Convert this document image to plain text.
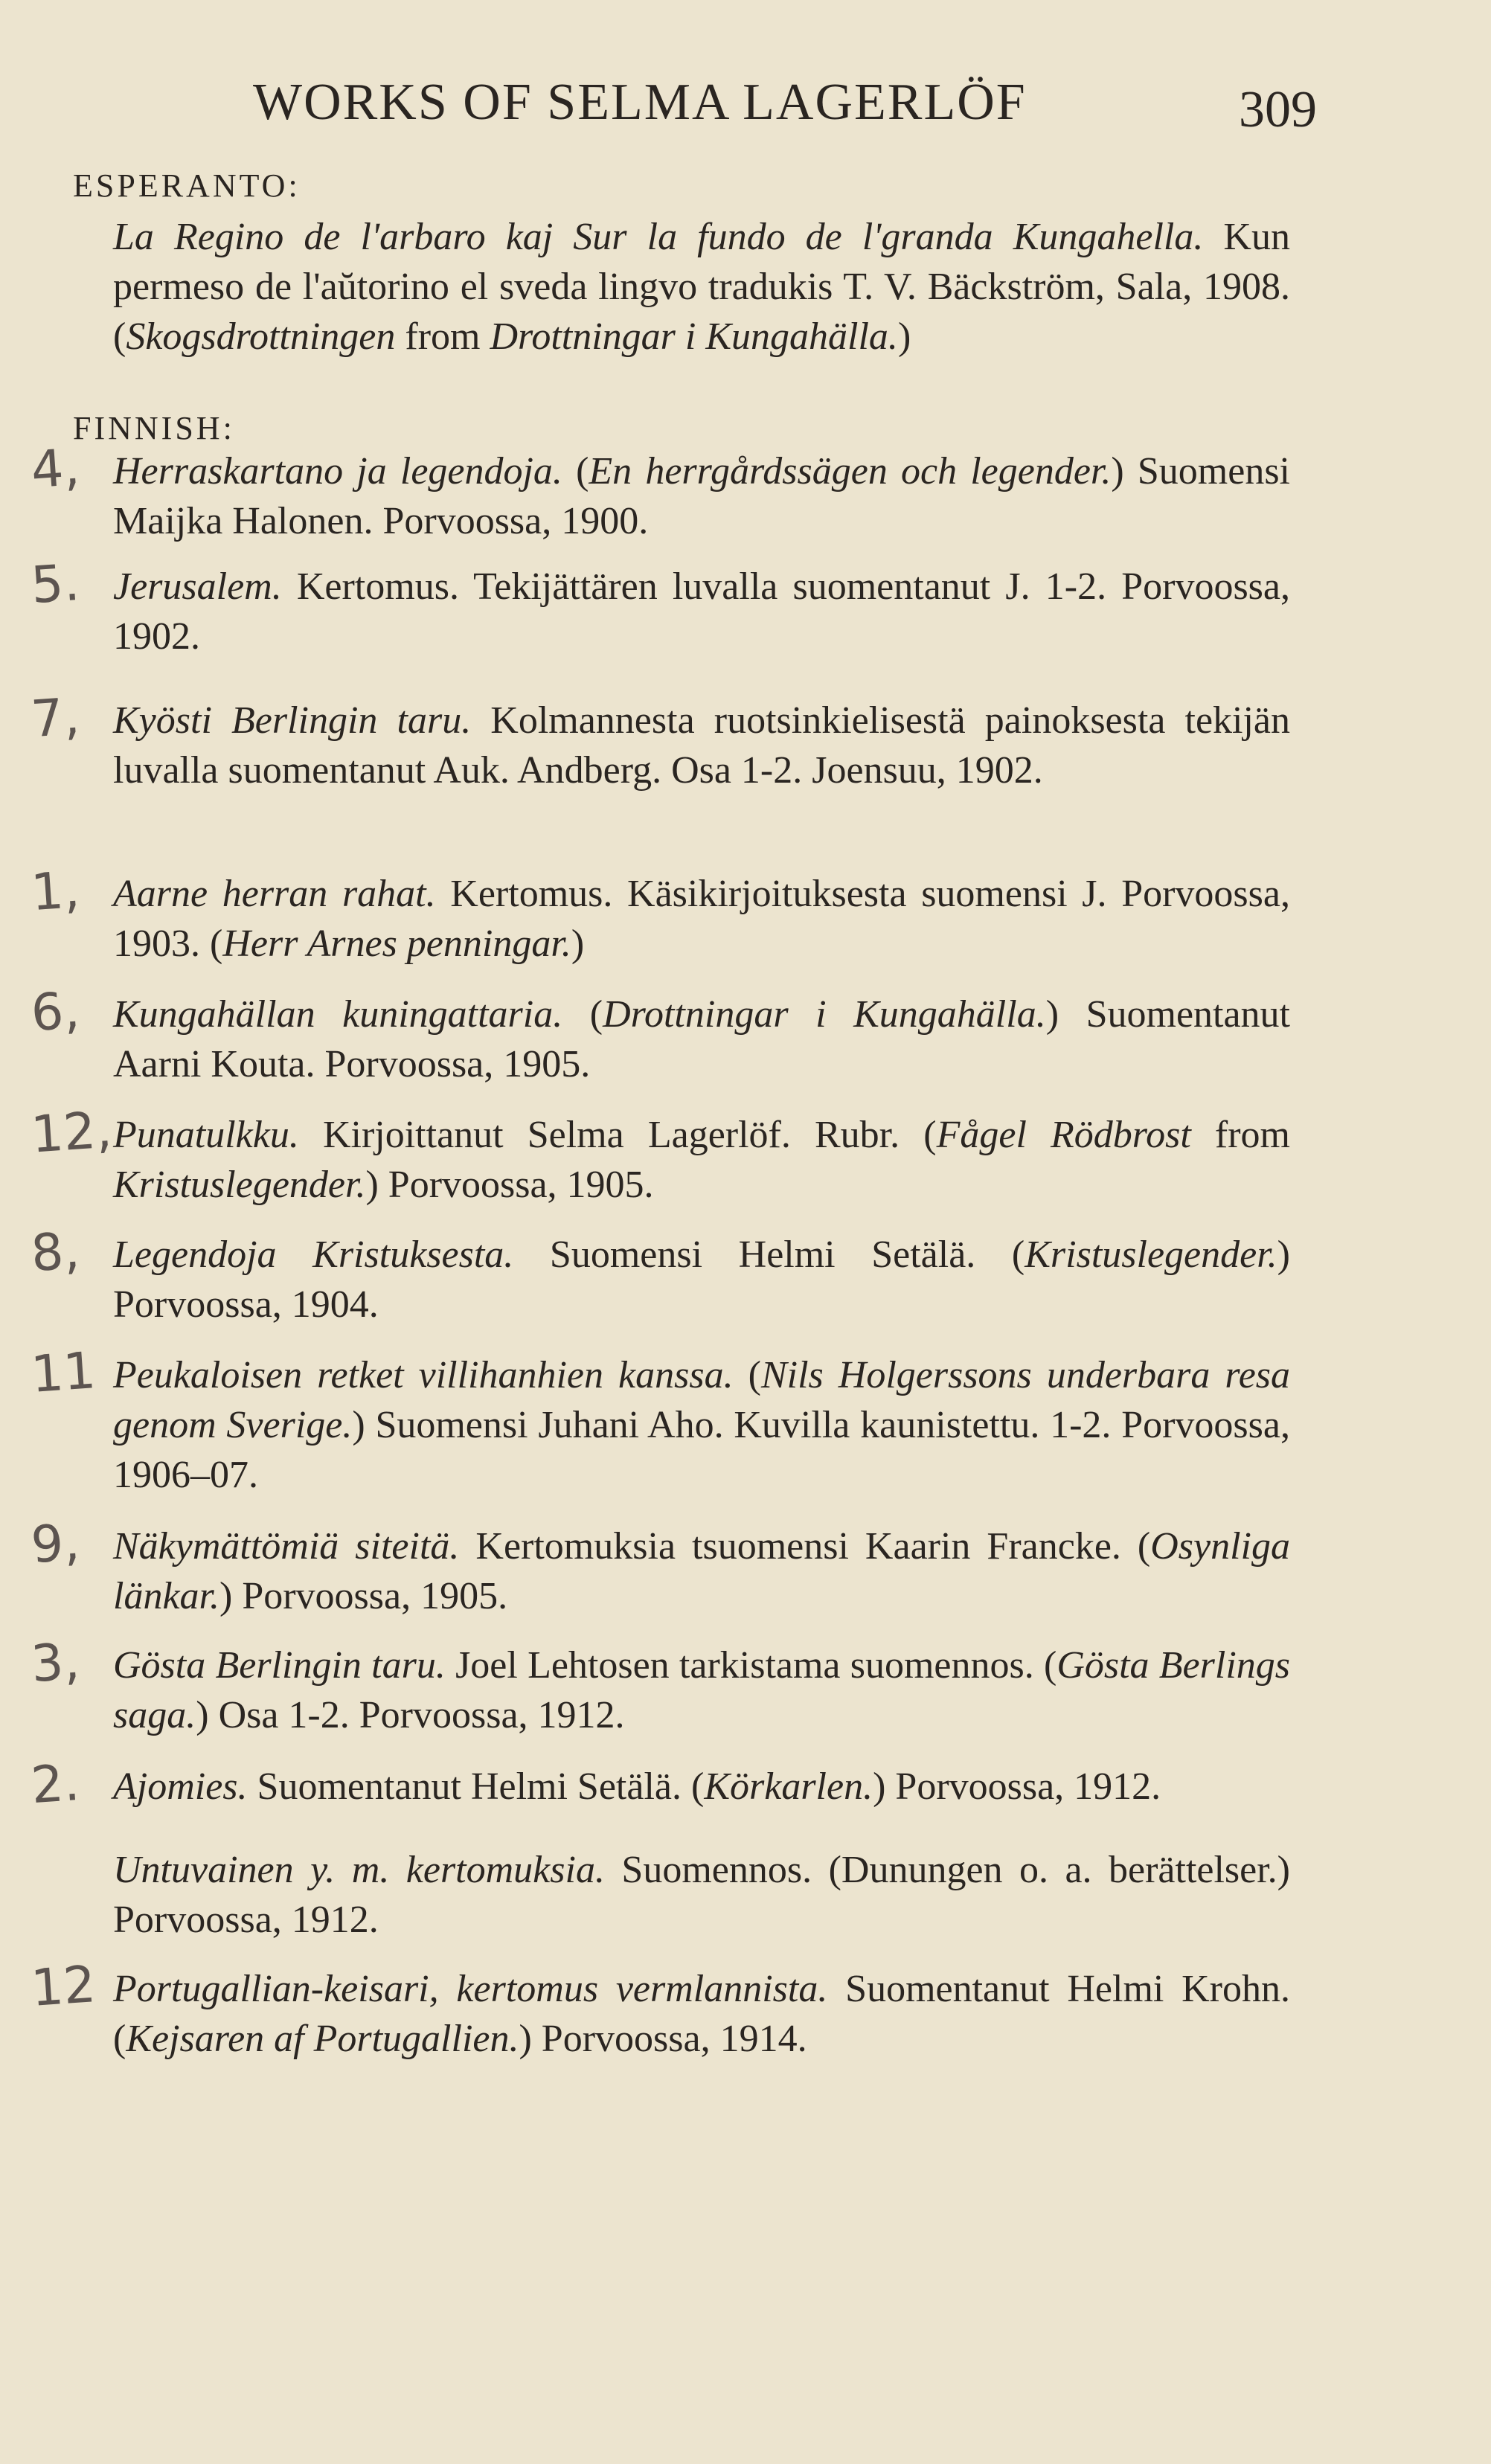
WORKS OF SELMA LAGERLÖF	309
ESPERANTO:
La Regino de l'arbaro kaj Sur la fundo de l'granda Kungahella. Kun permeso de l'aŭtorino el sveda lingvo tradukis T. V. Bäckström, Sala, 1908. (Skogsdrottningen from Drottningar i Kungahälla.)
FINNISH:
Herraskartano ja legendoja. (En herrgårdssägen och legender.) Suomensi Maijka Halonen. Porvoossa, 1900.
4,
Jerusalem. Kertomus. Tekijättären luvalla suomentanut J. 1-2. Porvoossa, 1902.
5.
Kyösti Berlingin taru. Kolmannesta ruotsinkielisestä painoksesta tekijän luvalla suomentanut Auk. Andberg. Osa 1-2. Joensuu, 1902.
7,
Aarne herran rahat. Kertomus. Käsikirjoituksesta suomensi J. Porvoossa, 1903. (Herr Arnes penningar.)
1,
Kungahällan kuningattaria. (Drottningar i Kungahälla.) Suomentanut Aarni Kouta. Porvoossa, 1905.
6,
Punatulkku. Kirjoittanut Selma Lagerlöf. Rubr. (Fågel Rödbrost from Kristuslegender.) Porvoossa, 1905.
12,
Legendoja Kristuksesta. Suomensi Helmi Setälä. (Kristuslegender.) Porvoossa, 1904.
8,
Peukaloisen retket villihanhien kanssa. (Nils Holgerssons underbara resa genom Sverige.) Suomensi Juhani Aho. Kuvilla kaunistettu. 1-2. Porvoossa, 1906–07.
11
Näkymättömiä siteitä. Kertomuksia tsuomensi Kaarin Francke. (Osynliga länkar.) Porvoossa, 1905.
9,
Gösta Berlingin taru. Joel Lehtosen tarkistama suomennos. (Gösta Berlings saga.) Osa 1-2. Porvoossa, 1912.
3,
Ajomies. Suomentanut Helmi Setälä. (Körkarlen.) Porvoossa, 1912.
2.
Untuvainen y. m. kertomuksia. Suomennos. (Dunungen o. a. berättelser.) Porvoossa, 1912.
Portugallian-keisari, kertomus vermlannista. Suomentanut Helmi Krohn. (Kejsaren af Portugallien.) Porvoossa, 1914.
12
